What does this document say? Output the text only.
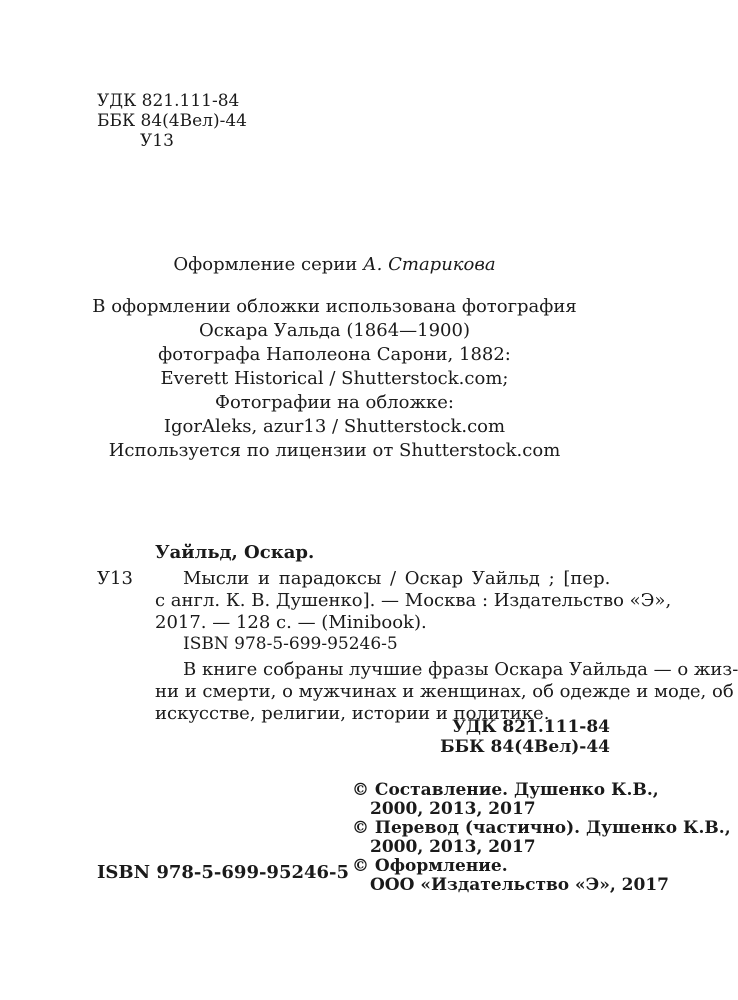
УДК 821.111-84
ББК 84(4Вел)-44
У13
Оформление серии А. Старикова
В оформлении обложки использована фотография
Оскара Уальда (1864—1900)
фотографа Наполеона Сарони, 1882:
Everett Historical / Shutterstock.com;
Фотографии на обложке:
IgorAleks, azur13 / Shutterstock.com
Используется по лицензии от Shutterstock.com
У13
Уайльд, Оскар.
Мысли и парадоксы / Оскар Уайльд ; [пер.
с англ. К. В. Душенко]. — Москва : Издательство «Э»,
2017. — 128 с. — (Minibook).
ISBN 978-5-699-95246-5
В книге собраны лучшие фразы Оскара Уайльда — о жиз-
ни и смерти, о мужчинах и женщинах, об одежде и моде, об
искусстве, религии, истории и политике.
УДК 821.111-84
ББК 84(4Вел)-44
ISBN 978-5-699-95246-5
© Составление. Душенко К.В.,
2000, 2013, 2017
© Перевод (частично). Душенко К.В.,
2000, 2013, 2017
© Оформление.
ООО «Издательство «Э», 2017
